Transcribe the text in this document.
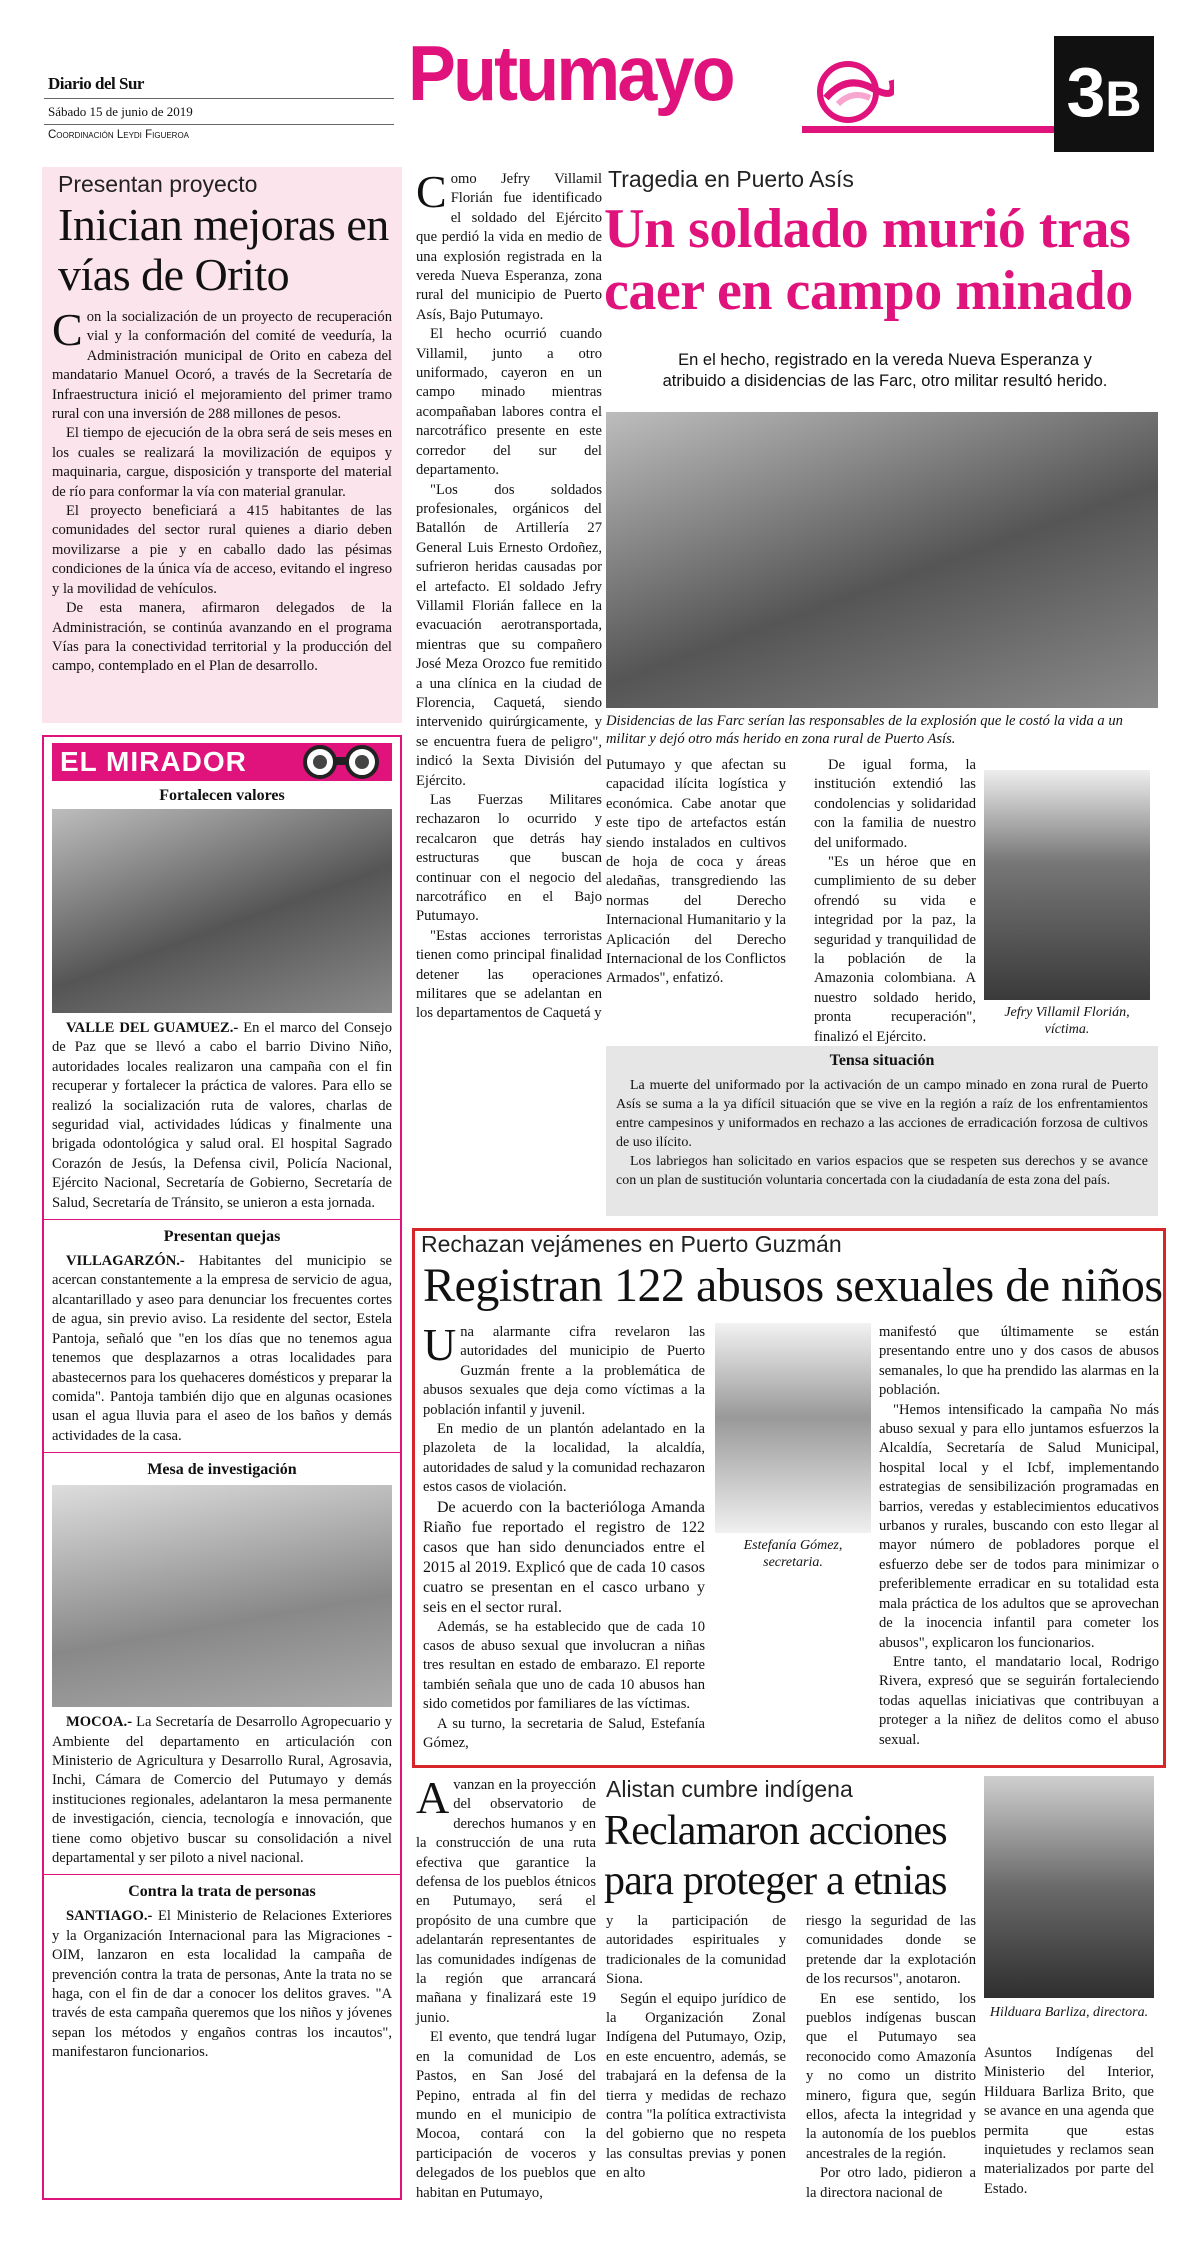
Diario del Sur
Sábado 15 de junio de 2019
Coordinación Leydi Figueroa
Putumayo	3B
Presentan proyecto
Inician mejoras en vías de Orito

Con la socialización de un proyecto de recuperación vial y la conformación del comité de veeduría, la Administración municipal de Orito en cabeza del mandatario Manuel Ocoró, a través de la Secretaría de Infraestructura inició el mejoramiento del primer tramo rural con una inversión de 288 millones de pesos.

El tiempo de ejecución de la obra será de seis meses en los cuales se realizará la movilización de equipos y maquinaria, cargue, disposición y transporte del material de río para conformar la vía con material granular.

El proyecto beneficiará a 415 habitantes de las comunidades del sector rural quienes a diario deben movilizarse a pie y en caballo dado las pésimas condiciones de la única vía de acceso, evitando el ingreso y la movilidad de vehículos.

De esta manera, afirmaron delegados de la Administración, se continúa avanzando en el programa Vías para la conectividad territorial y la producción del campo, contemplado en el Plan de desarrollo.

EL MIRADOR
Fortalecen valores

VALLE DEL GUAMUEZ.- En el marco del Consejo de Paz que se llevó a cabo el barrio Divino Niño, autoridades locales realizaron una campaña con el fin recuperar y fortalecer la práctica de valores. Para ello se realizó la socialización ruta de valores, charlas de seguridad vial, actividades lúdicas y finalmente una brigada odontológica y salud oral. El hospital Sagrado Corazón de Jesús, la Defensa civil, Policía Nacional, Ejército Nacional, Secretaría de Gobierno, Secretaría de Salud, Secretaría de Tránsito, se unieron a esta jornada.

Presentan quejas

VILLAGARZÓN.- Habitantes del municipio se acercan constantemente a la empresa de servicio de agua, alcantarillado y aseo para denunciar los frecuentes cortes de agua, sin previo aviso. La residente del sector, Estela Pantoja, señaló que "en los días que no tenemos agua tenemos que desplazarnos a otras localidades para abastecernos para los quehaceres domésticos y preparar la comida". Pantoja también dijo que en algunas ocasiones usan el agua lluvia para el aseo de los baños y demás actividades de la casa.

Mesa de investigación

MOCOA.- La Secretaría de Desarrollo Agropecuario y Ambiente del departamento en articulación con Ministerio de Agricultura y Desarrollo Rural, Agrosavia, Inchi, Cámara de Comercio del Putumayo y demás instituciones regionales, adelantaron la mesa permanente de investigación, ciencia, tecnología e innovación, que tiene como objetivo buscar su consolidación a nivel departamental y ser piloto a nivel nacional.

Contra la trata de personas

SANTIAGO.- El Ministerio de Relaciones Exteriores y la Organización Internacional para las Migraciones -OIM, lanzaron en esta localidad la campaña de prevención contra la trata de personas, Ante la trata no se haga, con el fin de dar a conocer los delitos graves. "A través de esta campaña queremos que los niños y jóvenes sepan los métodos y engaños contras los incautos", manifestaron funcionarios.

Como Jefry Villamil Florián fue identificado el soldado del Ejército que perdió la vida en medio de una explosión registrada en la vereda Nueva Esperanza, zona rural del municipio de Puerto Asís, Bajo Putumayo.

El hecho ocurrió cuando Villamil, junto a otro uniformado, cayeron en un campo minado mientras acompañaban labores contra el narcotráfico presente en este corredor del sur del departamento.

"Los dos soldados profesionales, orgánicos del Batallón de Artillería 27 General Luis Ernesto Ordoñez, sufrieron heridas causadas por el artefacto. El soldado Jefry Villamil Florián fallece en la evacuación aerotransportada, mientras que su compañero José Meza Orozco fue remitido a una clínica en la ciudad de Florencia, Caquetá, siendo intervenido quirúrgicamente, y se encuentra fuera de peligro", indicó la Sexta División del Ejército.

Las Fuerzas Militares rechazaron lo ocurrido y recalcaron que detrás hay estructuras que buscan continuar con el negocio del narcotráfico en el Bajo Putumayo.

"Estas acciones terroristas tienen como principal finalidad detener las operaciones militares que se adelantan en los departamentos de Caquetá y

Tragedia en Puerto Asís
Un soldado murió tras caer en campo minado
En el hecho, registrado en la vereda Nueva Esperanza y atribuido a disidencias de las Farc, otro militar resultó herido.
Disidencias de las Farc serían las responsables de la explosión que le costó la vida a un militar y dejó otro más herido en zona rural de Puerto Asís.

Putumayo y que afectan su capacidad ilícita logística y económica. Cabe anotar que este tipo de artefactos están siendo instalados en cultivos de hoja de coca y áreas aledañas, transgrediendo las normas del Derecho Internacional Humanitario y la Aplicación del Derecho Internacional de los Conflictos Armados", enfatizó.

De igual forma, la institución extendió las condolencias y solidaridad con la familia de nuestro del uniformado.

"Es un héroe que en cumplimiento de su deber ofrendó su vida e integridad por la paz, la seguridad y tranquilidad de la población de la Amazonia colombiana. A nuestro soldado herido, pronta recuperación", finalizó el Ejército.

Jefry Villamil Florián, víctima.
Tensa situación

La muerte del uniformado por la activación de un campo minado en zona rural de Puerto Asís se suma a la ya difícil situación que se vive en la región a raíz de los enfrentamientos entre campesinos y uniformados en rechazo a las acciones de erradicación forzosa de cultivos de uso ilícito.

Los labriegos han solicitado en varios espacios que se respeten sus derechos y se avance con un plan de sustitución voluntaria concertada con la ciudadanía de esta zona del país.

Rechazan vejámenes en Puerto Guzmán
Registran 122 abusos sexuales de niños

Una alarmante cifra revelaron las autoridades del municipio de Puerto Guzmán frente a la problemática de abusos sexuales que deja como víctimas a la población infantil y juvenil.

En medio de un plantón adelantado en la plazoleta de la localidad, la alcaldía, autoridades de salud y la comunidad rechazaron estos casos de violación.

De acuerdo con la bacterióloga Amanda Riaño fue reportado el registro de 122 casos que han sido denunciados entre el 2015 al 2019. Explicó que de cada 10 casos cuatro se presentan en el casco urbano y seis en el sector rural.

Además, se ha establecido que de cada 10 casos de abuso sexual que involucran a niñas tres resultan en estado de embarazo. El reporte también señala que uno de cada 10 abusos han sido cometidos por familiares de las víctimas.

A su turno, la secretaria de Salud, Estefanía Gómez,

Estefanía Gómez, secretaria.

manifestó que últimamente se están presentando entre uno y dos casos de abusos semanales, lo que ha prendido las alarmas en la población.

"Hemos intensificado la campaña No más abuso sexual y para ello juntamos esfuerzos la Alcaldía, Secretaría de Salud Municipal, hospital local y el Icbf, implementando estrategias de sensibilización programadas en barrios, veredas y establecimientos educativos urbanos y rurales, buscando con esto llegar al mayor número de pobladores porque el esfuerzo debe ser de todos para minimizar o preferiblemente erradicar en su totalidad esta mala práctica de los adultos que se aprovechan de la inocencia infantil para cometer los abusos", explicaron los funcionarios.

Entre tanto, el mandatario local, Rodrigo Rivera, expresó que se seguirán fortaleciendo todas aquellas iniciativas que contribuyan a proteger a la niñez de delitos como el abuso sexual.

Avanzan en la proyección del observatorio de derechos humanos y en la construcción de una ruta efectiva que garantice la defensa de los pueblos étnicos en Putumayo, será el propósito de una cumbre que adelantarán representantes de las comunidades indígenas de la región que arrancará mañana y finalizará este 19 junio.

El evento, que tendrá lugar en la comunidad de Los Pastos, en San José del Pepino, entrada al fin del mundo en el municipio de Mocoa, contará con la participación de voceros y delegados de los pueblos que habitan en Putumayo,

Alistan cumbre indígena
Reclamaron acciones para proteger a etnias

y la participación de autoridades espirituales y tradicionales de la comunidad Siona.

Según el equipo jurídico de la Organización Zonal Indígena del Putumayo, Ozip, en este encuentro, además, se trabajará en la defensa de la tierra y medidas de rechazo contra "la política extractivista del gobierno que no respeta las consultas previas y ponen en alto

riesgo la seguridad de las comunidades donde se pretende dar la explotación de los recursos", anotaron.

En ese sentido, los pueblos indígenas buscan que el Putumayo sea reconocido como Amazonía y no como un distrito minero, figura que, según ellos, afecta la integridad y la autonomía de los pueblos ancestrales de la región.

Por otro lado, pidieron a la directora nacional de

Hilduara Barliza, directora.

Asuntos Indígenas del Ministerio del Interior, Hilduara Barliza Brito, que se avance en una agenda que permita que estas inquietudes y reclamos sean materializados por parte del Estado.
